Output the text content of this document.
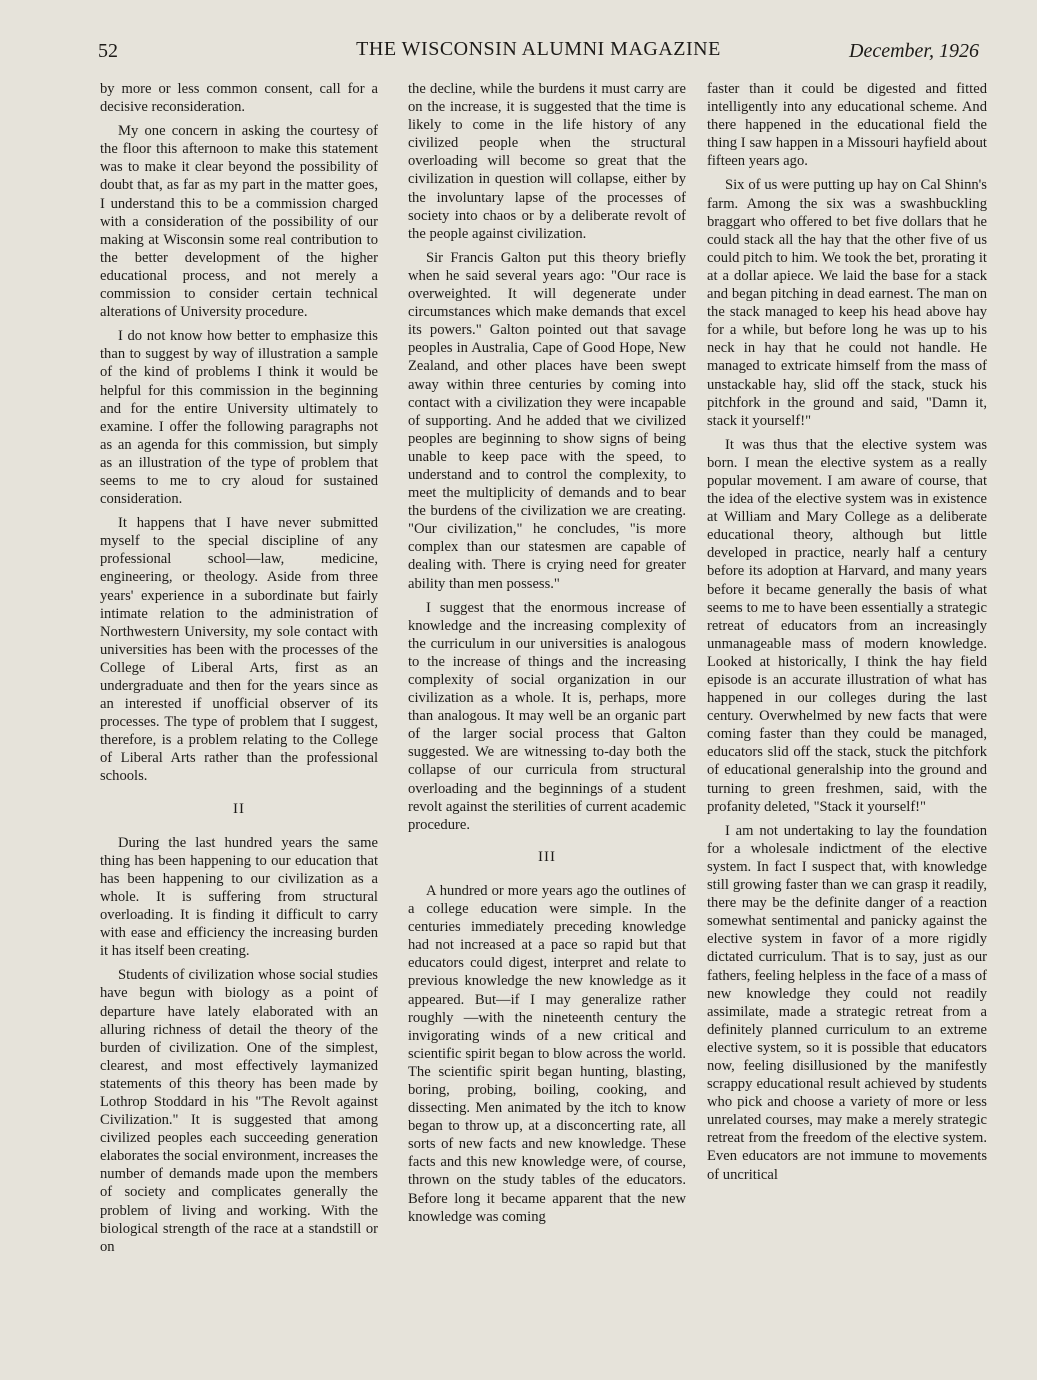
52	THE WISCONSIN ALUMNI MAGAZINE	December, 1926

by more or less common consent, call for a decisive reconsideration.

My one concern in asking the courtesy of the floor this afternoon to make this statement was to make it clear beyond the possibility of doubt that, as far as my part in the matter goes, I understand this to be a commission charged with a consideration of the possibility of our making at Wisconsin some real contribution to the better development of the higher educational process, and not merely a commission to consider certain technical alterations of University procedure.

I do not know how better to emphasize this than to suggest by way of illustration a sample of the kind of problems I think it would be helpful for this commission in the beginning and for the entire University ultimately to examine. I offer the following paragraphs not as an agenda for this commission, but simply as an illustration of the type of problem that seems to me to cry aloud for sustained consideration.

It happens that I have never submitted myself to the special discipline of any professional school—law, medicine, engineering, or theology. Aside from three years' experience in a subordinate but fairly intimate relation to the administration of Northwestern University, my sole contact with universities has been with the processes of the College of Liberal Arts, first as an undergraduate and then for the years since as an interested if unofficial observer of its processes. The type of problem that I suggest, therefore, is a problem relating to the College of Liberal Arts rather than the professional schools.

II

During the last hundred years the same thing has been happening to our education that has been happening to our civilization as a whole. It is suffering from structural overloading. It is finding it difficult to carry with ease and efficiency the increasing burden it has itself been creating.

Students of civilization whose social studies have begun with biology as a point of departure have lately elaborated with an alluring richness of detail the theory of the burden of civilization. One of the simplest, clearest, and most effectively laymanized statements of this theory has been made by Lothrop Stoddard in his "The Revolt against Civilization." It is suggested that among civilized peoples each succeeding generation elaborates the social environment, increases the number of demands made upon the members of society and complicates generally the problem of living and working. With the biological strength of the race at a standstill or on

the decline, while the burdens it must carry are on the increase, it is suggested that the time is likely to come in the life history of any civilized people when the structural overloading will become so great that the civilization in question will collapse, either by the involuntary lapse of the processes of society into chaos or by a deliberate revolt of the people against civilization.

Sir Francis Galton put this theory briefly when he said several years ago: "Our race is overweighted. It will degenerate under circumstances which make demands that excel its powers." Galton pointed out that savage peoples in Australia, Cape of Good Hope, New Zealand, and other places have been swept away within three centuries by coming into contact with a civilization they were incapable of supporting. And he added that we civilized peoples are beginning to show signs of being unable to keep pace with the speed, to understand and to control the complexity, to meet the multiplicity of demands and to bear the burdens of the civilization we are creating. "Our civilization," he concludes, "is more complex than our statesmen are capable of dealing with. There is crying need for greater ability than men possess."

I suggest that the enormous increase of knowledge and the increasing complexity of the curriculum in our universities is analogous to the increase of things and the increasing complexity of social organization in our civilization as a whole. It is, perhaps, more than analogous. It may well be an organic part of the larger social process that Galton suggested. We are witnessing to-day both the collapse of our curricula from structural overloading and the beginnings of a student revolt against the sterilities of current academic procedure.

III

A hundred or more years ago the outlines of a college education were simple. In the centuries immediately preceding knowledge had not increased at a pace so rapid but that educators could digest, interpret and relate to previous knowledge the new knowledge as it appeared. But—if I may generalize rather roughly —with the nineteenth century the invigorating winds of a new critical and scientific spirit began to blow across the world. The scientific spirit began hunting, blasting, boring, probing, boiling, cooking, and dissecting. Men animated by the itch to know began to throw up, at a disconcerting rate, all sorts of new facts and new knowledge. These facts and this new knowledge were, of course, thrown on the study tables of the educators. Before long it became apparent that the new knowledge was coming

faster than it could be digested and fitted intelligently into any educational scheme. And there happened in the educational field the thing I saw happen in a Missouri hayfield about fifteen years ago.

Six of us were putting up hay on Cal Shinn's farm. Among the six was a swashbuckling braggart who offered to bet five dollars that he could stack all the hay that the other five of us could pitch to him. We took the bet, prorating it at a dollar apiece. We laid the base for a stack and began pitching in dead earnest. The man on the stack managed to keep his head above hay for a while, but before long he was up to his neck in hay that he could not handle. He managed to extricate himself from the mass of unstackable hay, slid off the stack, stuck his pitchfork in the ground and said, "Damn it, stack it yourself!"

It was thus that the elective system was born. I mean the elective system as a really popular movement. I am aware of course, that the idea of the elective system was in existence at William and Mary College as a deliberate educational theory, although but little developed in practice, nearly half a century before its adoption at Harvard, and many years before it became generally the basis of what seems to me to have been essentially a strategic retreat of educators from an increasingly unmanageable mass of modern knowledge. Looked at historically, I think the hay field episode is an accurate illustration of what has happened in our colleges during the last century. Overwhelmed by new facts that were coming faster than they could be managed, educators slid off the stack, stuck the pitchfork of educational generalship into the ground and turning to green freshmen, said, with the profanity deleted, "Stack it yourself!"

I am not undertaking to lay the foundation for a wholesale indictment of the elective system. In fact I suspect that, with knowledge still growing faster than we can grasp it readily, there may be the definite danger of a reaction somewhat sentimental and panicky against the elective system in favor of a more rigidly dictated curriculum. That is to say, just as our fathers, feeling helpless in the face of a mass of new knowledge they could not readily assimilate, made a strategic retreat from a definitely planned curriculum to an extreme elective system, so it is possible that educators now, feeling disillusioned by the manifestly scrappy educational result achieved by students who pick and choose a variety of more or less unrelated courses, may make a merely strategic retreat from the freedom of the elective system. Even educators are not immune to movements of uncritical
